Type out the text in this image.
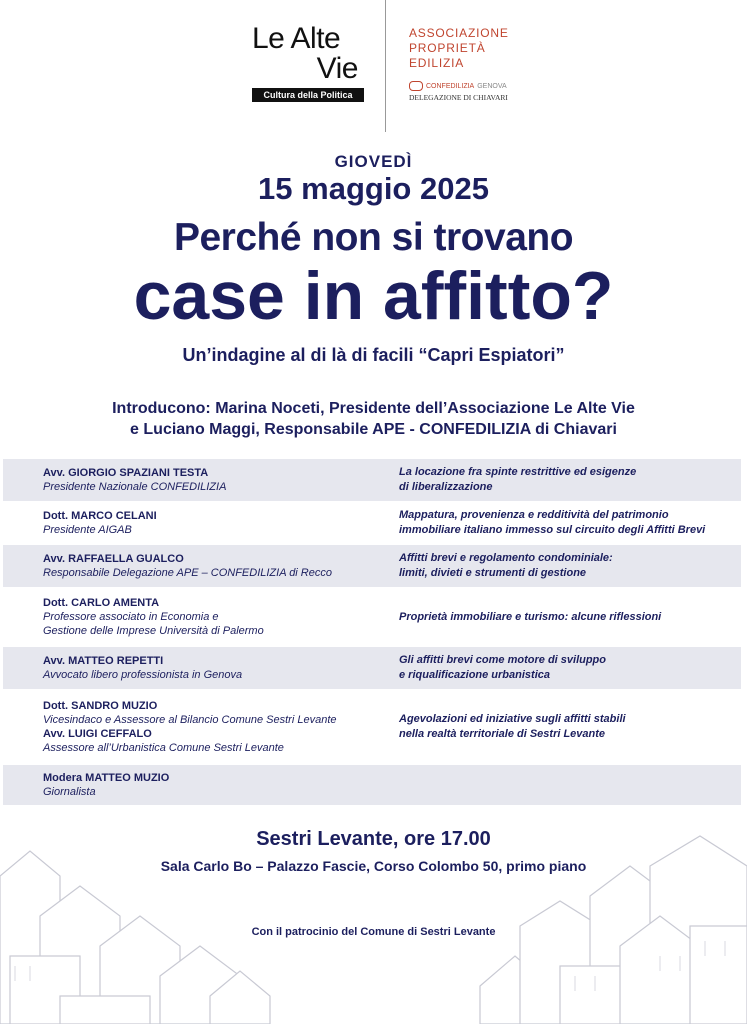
Le Alte
Vie
Cultura della Politica
ASSOCIAZIONE
PROPRIETÀ
EDILIZIA
CONFEDILIZIA GENOVA
DELEGAZIONE DI CHIAVARI
GIOVEDÌ
15 maggio 2025
Perché non si trovano
case in affitto?
Un’indagine al di là di facili “Capri Espiatori”
Introducono: Marina Noceti, Presidente dell’Associazione Le Alte Vie
e Luciano Maggi, Responsabile APE - CONFEDILIZIA di Chiavari
Avv. GIORGIO SPAZIANI TESTA
Presidente Nazionale CONFEDILIZIA
La locazione fra spinte restrittive ed esigenze
di liberalizzazione
Dott. MARCO CELANI
Presidente AIGAB
Mappatura, provenienza e redditività del patrimonio
immobiliare italiano immesso sul circuito degli Affitti Brevi
Avv. RAFFAELLA GUALCO
Responsabile Delegazione APE – CONFEDILIZIA di Recco
Affitti brevi e regolamento condominiale:
limiti, divieti e strumenti di gestione
Dott. CARLO AMENTA
Professore associato in Economia e
Gestione delle Imprese Università di Palermo
Proprietà immobiliare e turismo: alcune riflessioni
Avv. MATTEO REPETTI
Avvocato libero professionista in Genova
Gli affitti brevi come motore di sviluppo
e riqualificazione urbanistica
Dott. SANDRO MUZIO
Vicesindaco e Assessore al Bilancio Comune Sestri Levante
Avv. LUIGI CEFFALO
Assessore all’Urbanistica Comune Sestri Levante
Agevolazioni ed iniziative sugli affitti stabili
nella realtà territoriale di Sestri Levante
Modera MATTEO MUZIO
Giornalista
Sestri Levante, ore 17.00
Sala Carlo Bo – Palazzo Fascie, Corso Colombo 50, primo piano
Con il patrocinio del Comune di Sestri Levante
